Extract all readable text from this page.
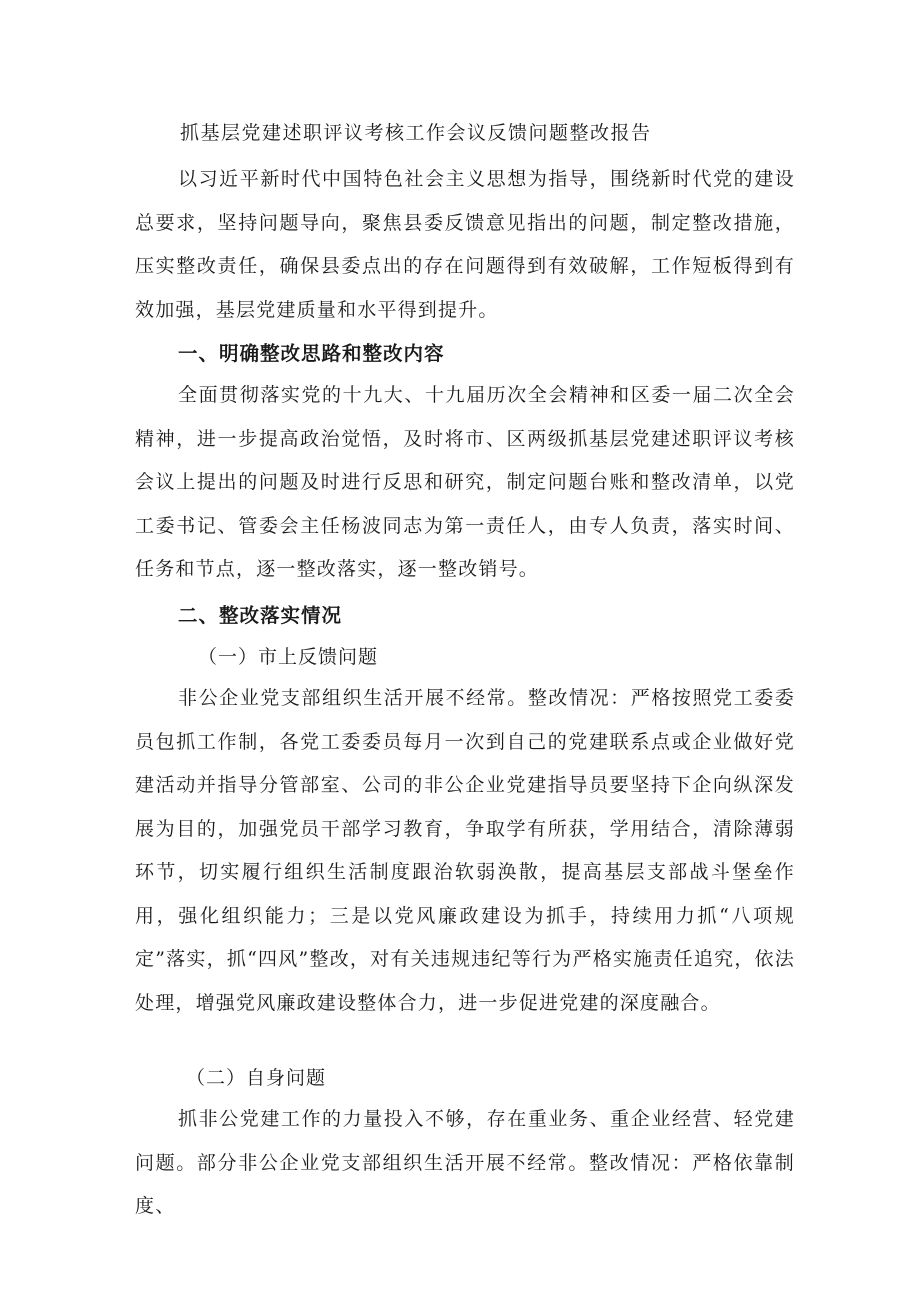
抓基层党建述职评议考核工作会议反馈问题整改报告

以习近平新时代中国特色社会主义思想为指导，围绕新时代党的建设总要求，坚持问题导向，聚焦县委反馈意见指出的问题，制定整改措施，压实整改责任，确保县委点出的存在问题得到有效破解，工作短板得到有效加强，基层党建质量和水平得到提升。

一、明确整改思路和整改内容

全面贯彻落实党的十九大、十九届历次全会精神和区委一届二次全会精神，进一步提高政治觉悟，及时将市、区两级抓基层党建述职评议考核会议上提出的问题及时进行反思和研究，制定问题台账和整改清单，以党工委书记、管委会主任杨波同志为第一责任人，由专人负责，落实时间、任务和节点，逐一整改落实，逐一整改销号。

二、整改落实情况
（一）市上反馈问题

非公企业党支部组织生活开展不经常。整改情况：严格按照党工委委员包抓工作制，各党工委委员每月一次到自己的党建联系点或企业做好党建活动并指导分管部室、公司的非公企业党建指导员要坚持下企向纵深发展为目的，加强党员干部学习教育，争取学有所获，学用结合，清除薄弱环节，切实履行组织生活制度跟治软弱涣散，提高基层支部战斗堡垒作用，强化组织能力；三是以党风廉政建设为抓手，持续用力抓“八项规定”落实，抓“四风”整改，对有关违规违纪等行为严格实施责任追究，依法处理，增强党风廉政建设整体合力，进一步促进党建的深度融合。

（二）自身问题

抓非公党建工作的力量投入不够，存在重业务、重企业经营、轻党建问题。部分非公企业党支部组织生活开展不经常。整改情况：严格依靠制度、
